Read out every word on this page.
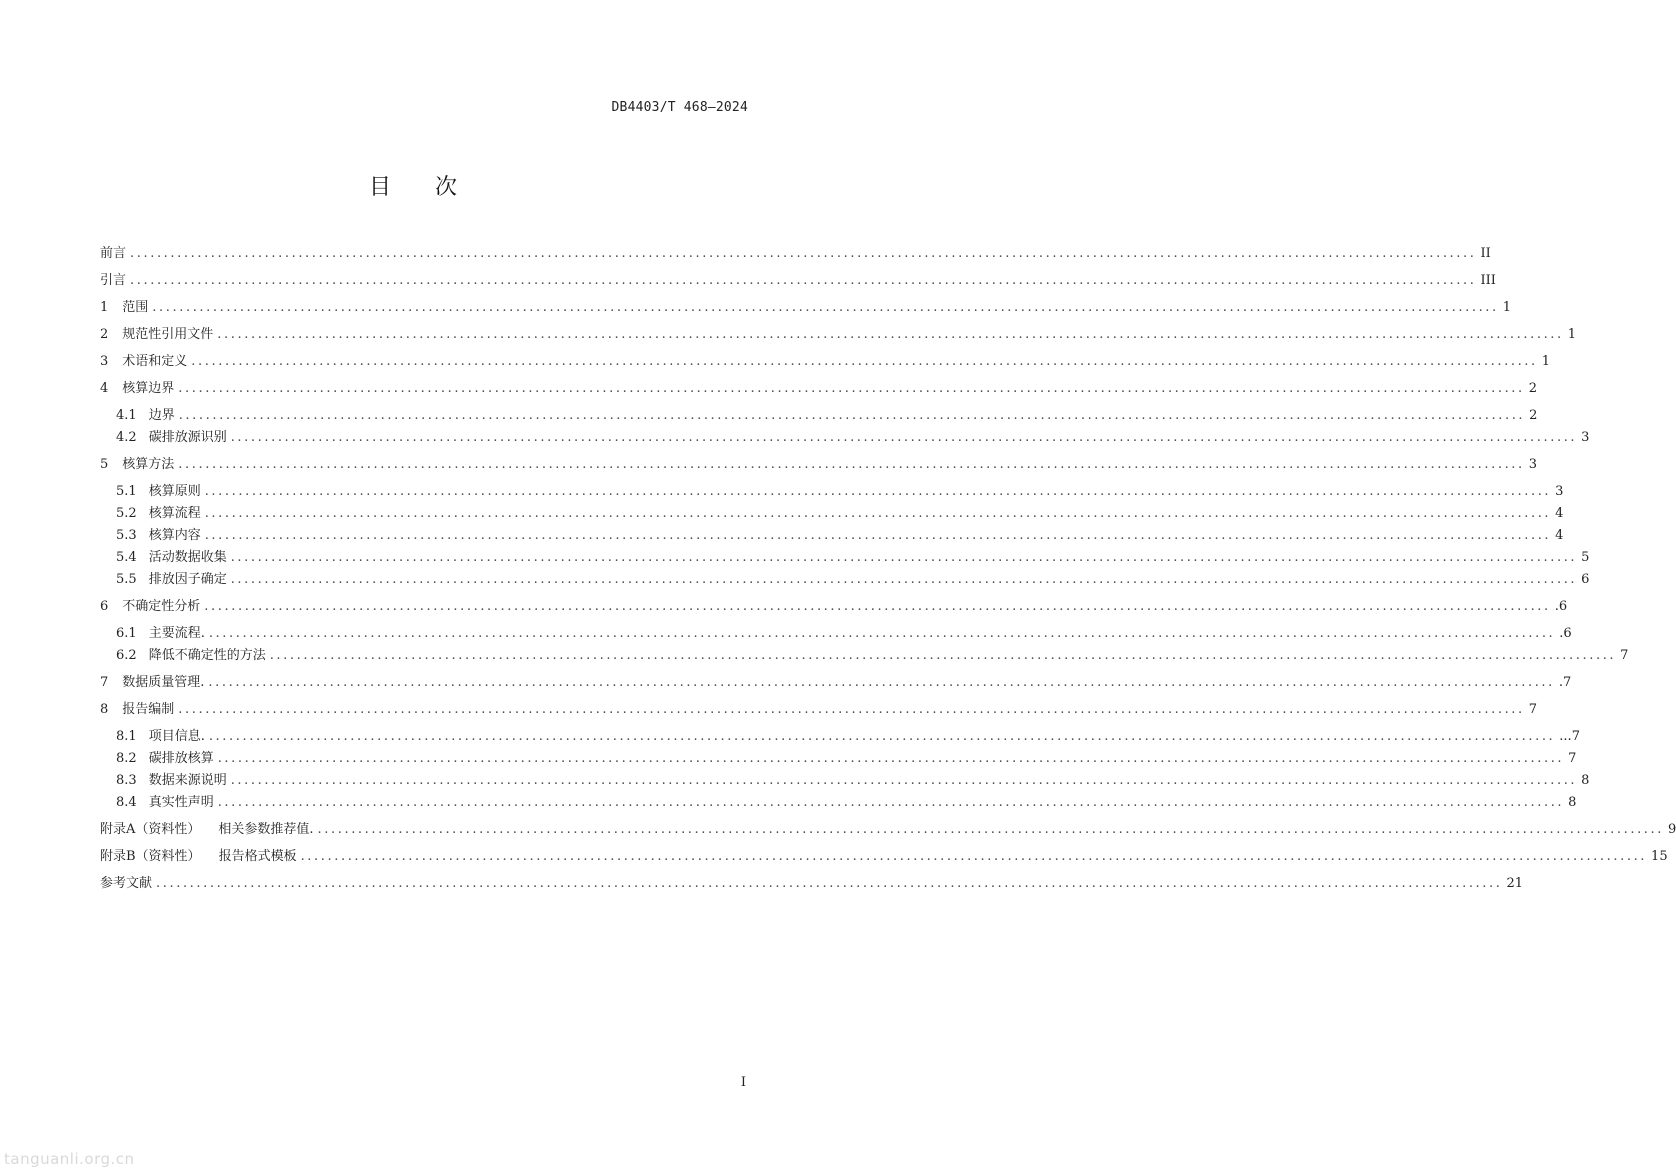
DB4403/T 468—2024
目 次
前言 ........................................................................................................................................................................................................ II
引言 ........................................................................................................................................................................................................ III
1 范围 ........................................................................................................................................................................................................ 1
2 规范性引用文件 ........................................................................................................................................................................................................ 1
3 术语和定义 ........................................................................................................................................................................................................ 1
4 核算边界 ........................................................................................................................................................................................................ 2
4.1 边界 ........................................................................................................................................................................................................ 2
4.2 碳排放源识别 ........................................................................................................................................................................................................ 3
5 核算方法 ........................................................................................................................................................................................................ 3
5.1 核算原则 ........................................................................................................................................................................................................ 3
5.2 核算流程 ........................................................................................................................................................................................................ 4
5.3 核算内容 ........................................................................................................................................................................................................ 4
5.4 活动数据收集 ........................................................................................................................................................................................................ 5
5.5 排放因子确定 ........................................................................................................................................................................................................ 6
6 不确定性分析 ........................................................................................................................................................................................................ .6
6.1 主要流程. ........................................................................................................................................................................................................ .6
6.2 降低不确定性的方法 ........................................................................................................................................................................................................ 7
7 数据质量管理. ........................................................................................................................................................................................................ .7
8 报告编制 ........................................................................................................................................................................................................ 7
8.1 项目信息. ........................................................................................................................................................................................................ ...7
8.2 碳排放核算 ........................................................................................................................................................................................................ 7
8.3 数据来源说明 ........................................................................................................................................................................................................ 8
8.4 真实性声明 ........................................................................................................................................................................................................ 8
附录A（资料性） 相关参数推荐值. ........................................................................................................................................................................................................ 9
附录B（资料性） 报告格式模板 ........................................................................................................................................................................................................ 15
参考文献 ........................................................................................................................................................................................................ 21
I
tanguanli.org.cn
